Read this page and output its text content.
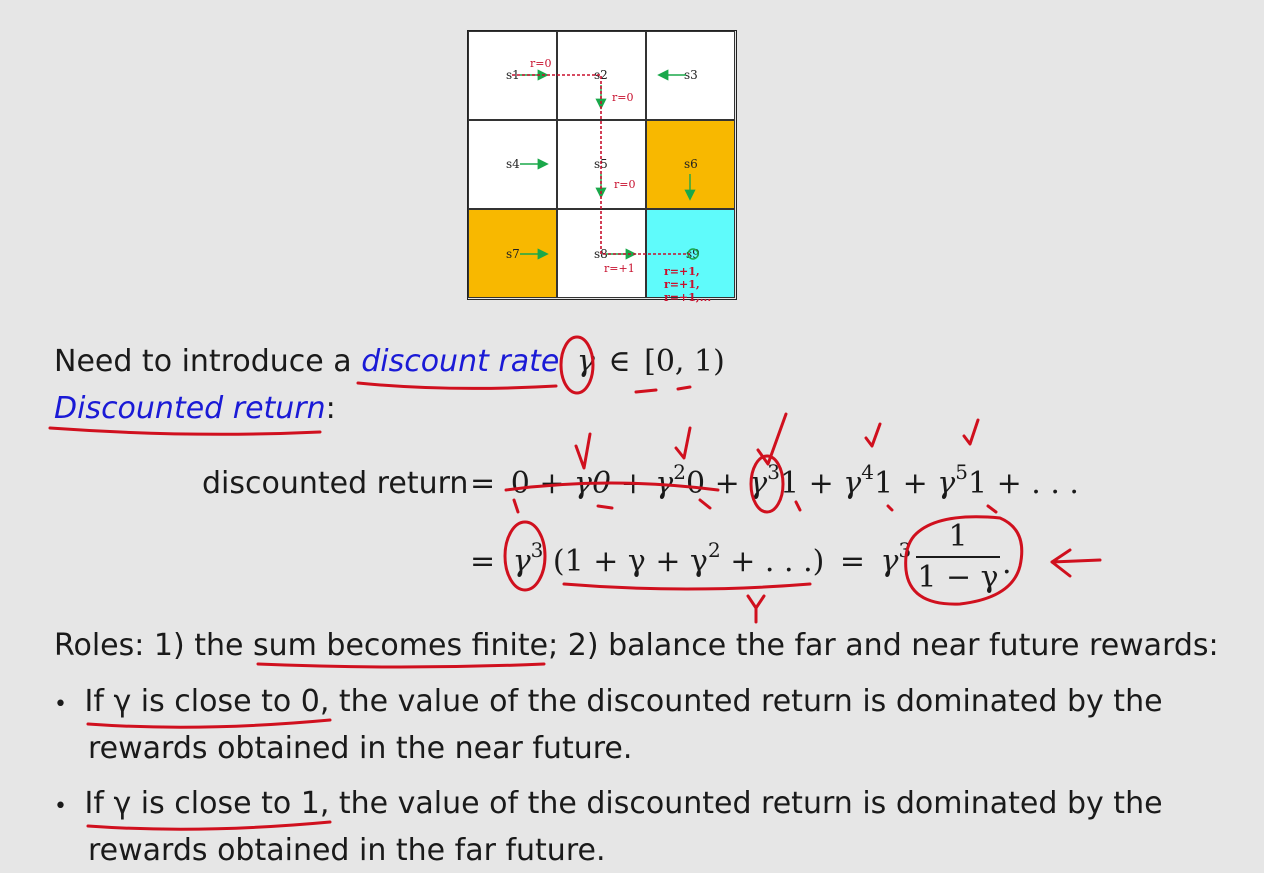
s1	s2	s3
s4	s5	s6
s7	s8	s9
r=0
r=0
r=0
r=+1	r=+1, r=+1, r=+1,...
Need to introduce a discount rate γ ∈ [0, 1)
Discounted return:
discounted return = $0 + \gamma 0 + \gamma^20 + \gamma^31 + \gamma^41 + \gamma^51$ + . . .
= $\gamma^3$ ($1 + \gamma + \gamma^2$ + . . .) = $\gamma^3$	1
1 − γ .
Roles: 1) the sum becomes finite; 2) balance the far and near future rewards:
• If γ is close to 0, the value of the discounted return is dominated by the
rewards obtained in the near future.
• If γ is close to 1, the value of the discounted return is dominated by the
rewards obtained in the far future.
